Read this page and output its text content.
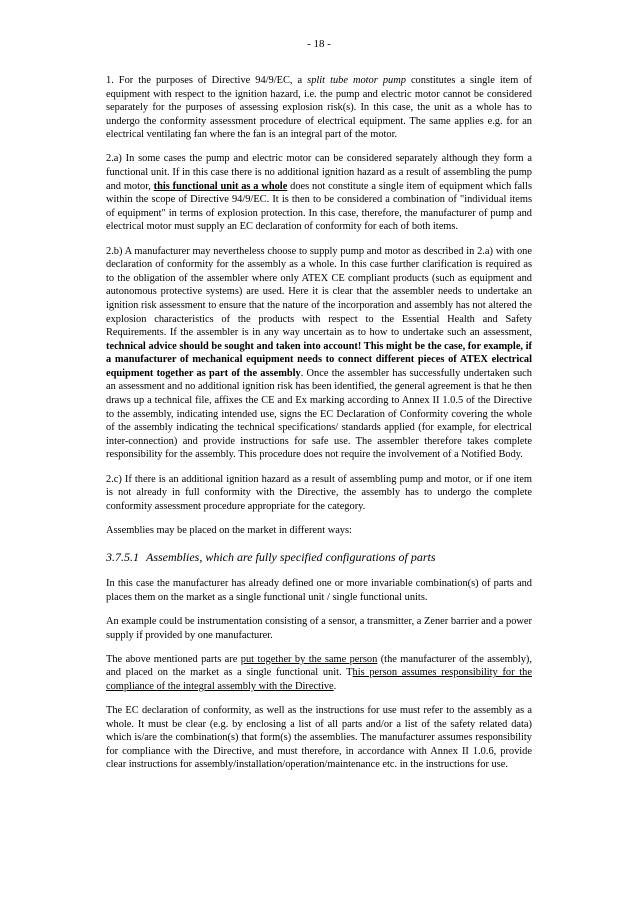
- 18 -

1. For the purposes of Directive 94/9/EC, a split tube motor pump constitutes a single item of equipment with respect to the ignition hazard, i.e. the pump and electric motor cannot be considered separately for the purposes of assessing explosion risk(s). In this case, the unit as a whole has to undergo the conformity assessment procedure of electrical equipment. The same applies e.g. for an electrical ventilating fan where the fan is an integral part of the motor.

2.a) In some cases the pump and electric motor can be considered separately although they form a functional unit. If in this case there is no additional ignition hazard as a result of assembling the pump and motor, this functional unit as a whole does not constitute a single item of equipment which falls within the scope of Directive 94/9/EC. It is then to be considered a combination of "individual items of equipment" in terms of explosion protection. In this case, therefore, the manufacturer of pump and electrical motor must supply an EC declaration of conformity for each of both items.

2.b) A manufacturer may nevertheless choose to supply pump and motor as described in 2.a) with one declaration of conformity for the assembly as a whole. In this case further clarification is required as to the obligation of the assembler where only ATEX CE compliant products (such as equipment and autonomous protective systems) are used. Here it is clear that the assembler needs to undertake an ignition risk assessment to ensure that the nature of the incorporation and assembly has not altered the explosion characteristics of the products with respect to the Essential Health and Safety Requirements. If the assembler is in any way uncertain as to how to undertake such an assessment, technical advice should be sought and taken into account! This might be the case, for example, if a manufacturer of mechanical equipment needs to connect different pieces of ATEX electrical equipment together as part of the assembly. Once the assembler has successfully undertaken such an assessment and no additional ignition risk has been identified, the general agreement is that he then draws up a technical file, affixes the CE and Ex marking according to Annex II 1.0.5 of the Directive to the assembly, indicating intended use, signs the EC Declaration of Conformity covering the whole of the assembly indicating the technical specifications/ standards applied (for example, for electrical inter-connection) and provide instructions for safe use. The assembler therefore takes complete responsibility for the assembly. This procedure does not require the involvement of a Notified Body.

2.c) If there is an additional ignition hazard as a result of assembling pump and motor, or if one item is not already in full conformity with the Directive, the assembly has to undergo the complete conformity assessment procedure appropriate for the category.

Assemblies may be placed on the market in different ways:

3.7.5.1 Assemblies, which are fully specified configurations of parts

In this case the manufacturer has already defined one or more invariable combination(s) of parts and places them on the market as a single functional unit / single functional units.

An example could be instrumentation consisting of a sensor, a transmitter, a Zener barrier and a power supply if provided by one manufacturer.

The above mentioned parts are put together by the same person (the manufacturer of the assembly), and placed on the market as a single functional unit. This person assumes responsibility for the compliance of the integral assembly with the Directive.

The EC declaration of conformity, as well as the instructions for use must refer to the assembly as a whole. It must be clear (e.g. by enclosing a list of all parts and/or a list of the safety related data) which is/are the combination(s) that form(s) the assemblies. The manufacturer assumes responsibility for compliance with the Directive, and must therefore, in accordance with Annex II 1.0.6, provide clear instructions for assembly/installation/operation/maintenance etc. in the instructions for use.
